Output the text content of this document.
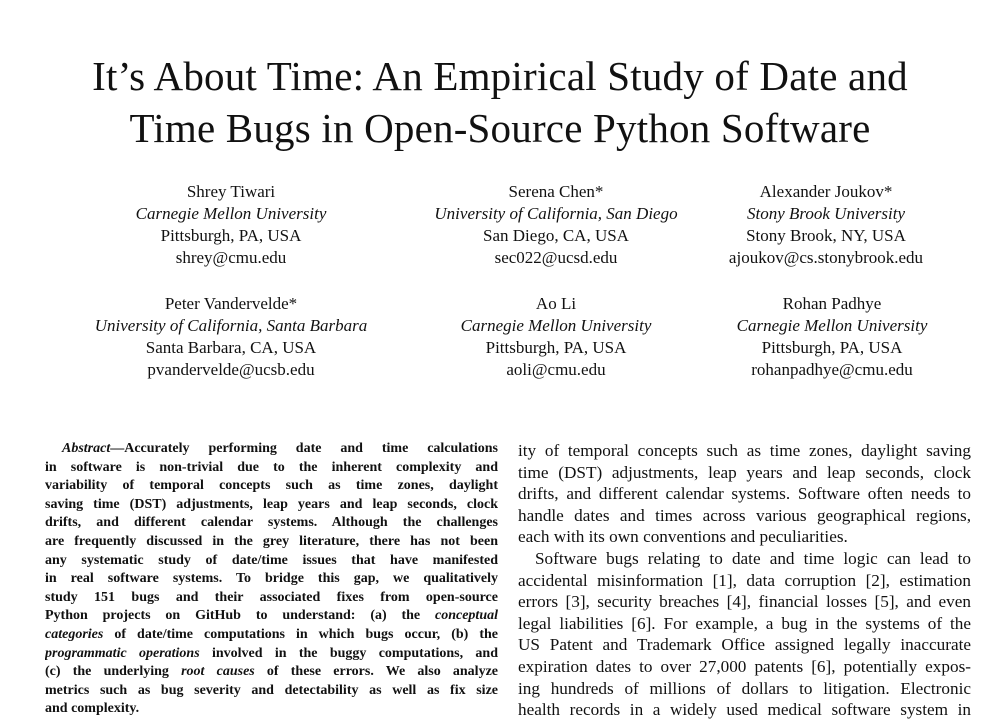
It’s About Time: An Empirical Study of Date and
Time Bugs in Open-Source Python Software
Shrey Tiwari
Carnegie Mellon University
Pittsburgh, PA, USA
shrey@cmu.edu
Serena Chen*
University of California, San Diego
San Diego, CA, USA
sec022@ucsd.edu
Alexander Joukov*
Stony Brook University
Stony Brook, NY, USA
ajoukov@cs.stonybrook.edu
Peter Vandervelde*
University of California, Santa Barbara
Santa Barbara, CA, USA
pvandervelde@ucsb.edu
Ao Li
Carnegie Mellon University
Pittsburgh, PA, USA
aoli@cmu.edu
Rohan Padhye
Carnegie Mellon University
Pittsburgh, PA, USA
rohanpadhye@cmu.edu
Abstract—Accurately performing date and time calculations
in software is non-trivial due to the inherent complexity and
variability of temporal concepts such as time zones, daylight
saving time (DST) adjustments, leap years and leap seconds, clock
drifts, and different calendar systems. Although the challenges
are frequently discussed in the grey literature, there has not been
any systematic study of date/time issues that have manifested
in real software systems. To bridge this gap, we qualitatively
study 151 bugs and their associated fixes from open-source
Python projects on GitHub to understand: (a) the conceptual
categories of date/time computations in which bugs occur, (b) the
programmatic operations involved in the buggy computations, and
(c) the underlying root causes of these errors. We also analyze
metrics such as bug severity and detectability as well as fix size
and complexity.
ity of temporal concepts such as time zones, daylight saving
time (DST) adjustments, leap years and leap seconds, clock
drifts, and different calendar systems. Software often needs to
handle dates and times across various geographical regions,
each with its own conventions and peculiarities.
Software bugs relating to date and time logic can lead to
accidental misinformation [1], data corruption [2], estimation
errors [3], security breaches [4], financial losses [5], and even
legal liabilities [6]. For example, a bug in the systems of the
US Patent and Trademark Office assigned legally inaccurate
expiration dates to over 27,000 patents [6], potentially expos-
ing hundreds of millions of dollars to litigation. Electronic
health records in a widely used medical software system in
